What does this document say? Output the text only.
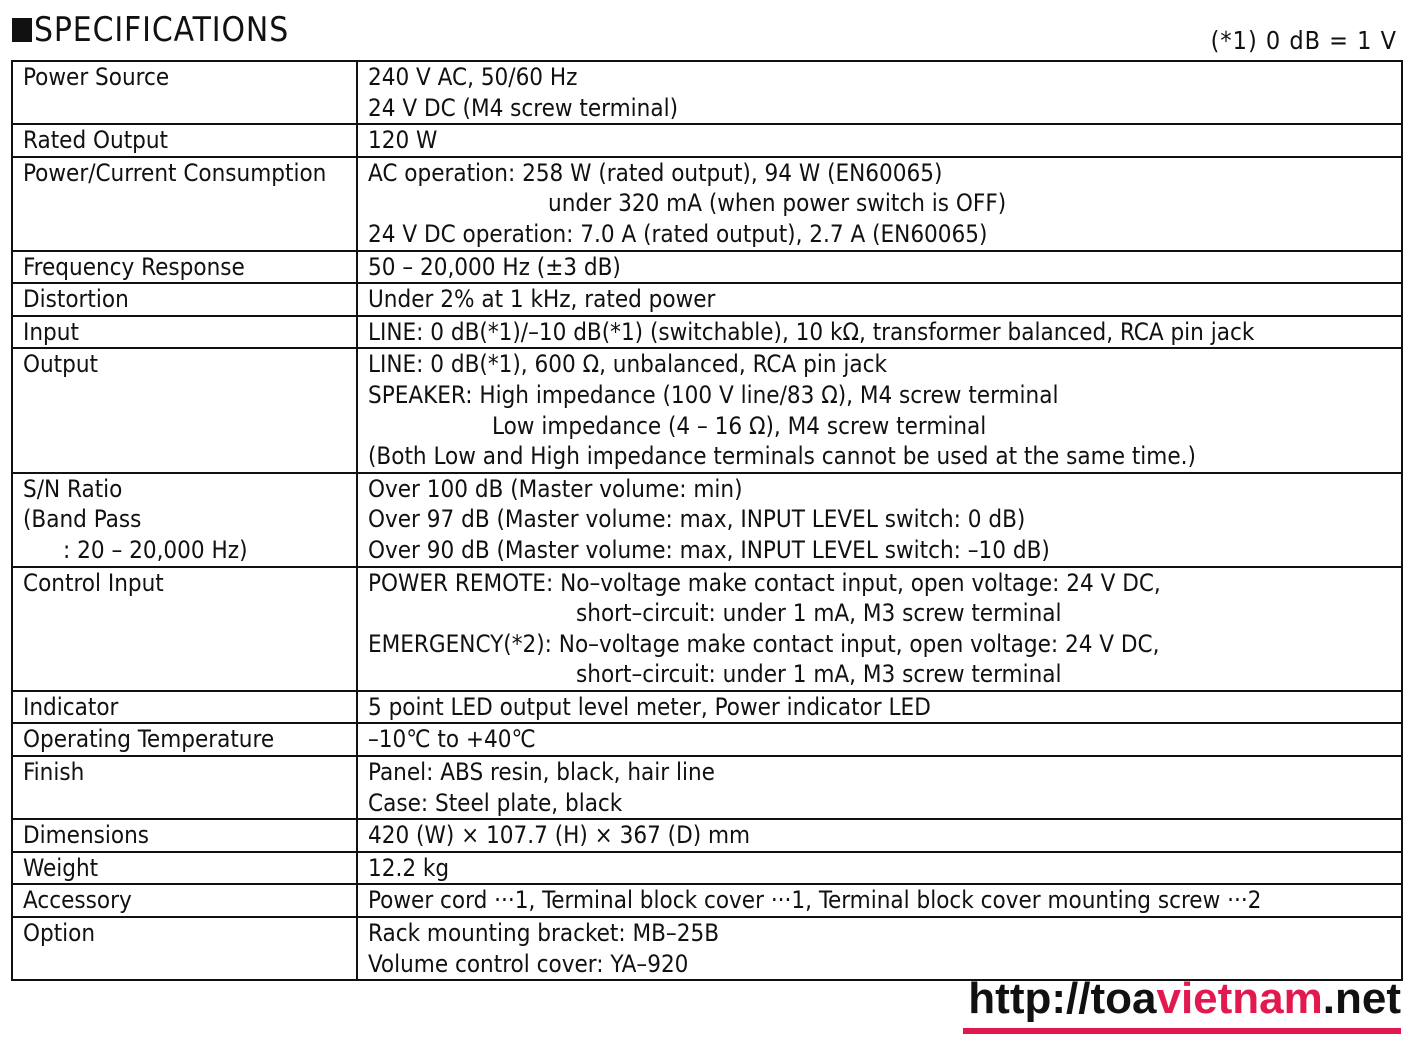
SPECIFICATIONS	(*1) 0 dB = 1 V
Power Source	240 V AC, 50/60 Hz
24 V DC (M4 screw terminal)

Rated Output	120 W

Power/Current Consumption	AC operation: 258 W (rated output), 94 W (EN60065)
under 320 mA (when power switch is OFF)
24 V DC operation: 7.0 A (rated output), 2.7 A (EN60065)

Frequency Response	50 – 20,000 Hz (±3 dB)

Distortion	Under 2% at 1 kHz, rated power

Input	LINE: 0 dB(*1)/–10 dB(*1) (switchable), 10 kΩ, transformer balanced, RCA pin jack

Output	LINE: 0 dB(*1), 600 Ω, unbalanced, RCA pin jack
SPEAKER: High impedance (100 V line/83 Ω), M4 screw terminal
Low impedance (4 – 16 Ω), M4 screw terminal
(Both Low and High impedance terminals cannot be used at the same time.)

S/N Ratio
(Band Pass
: 20 – 20,000 Hz)	Over 100 dB (Master volume: min)
Over 97 dB (Master volume: max, INPUT LEVEL switch: 0 dB)
Over 90 dB (Master volume: max, INPUT LEVEL switch: –10 dB)

Control Input	POWER REMOTE: No–voltage make contact input, open voltage: 24 V DC,
short–circuit: under 1 mA, M3 screw terminal
EMERGENCY(*2): No–voltage make contact input, open voltage: 24 V DC,
short–circuit: under 1 mA, M3 screw terminal

Indicator	5 point LED output level meter, Power indicator LED

Operating Temperature	–10℃ to +40℃

Finish	Panel: ABS resin, black, hair line
Case: Steel plate, black

Dimensions	420 (W) × 107.7 (H) × 367 (D) mm

Weight	12.2 kg

Accessory	Power cord ···1, Terminal block cover ···1, Terminal block cover mounting screw ···2

Option	Rack mounting bracket: MB–25B
Volume control cover: YA–920
http://toavietnam.net
